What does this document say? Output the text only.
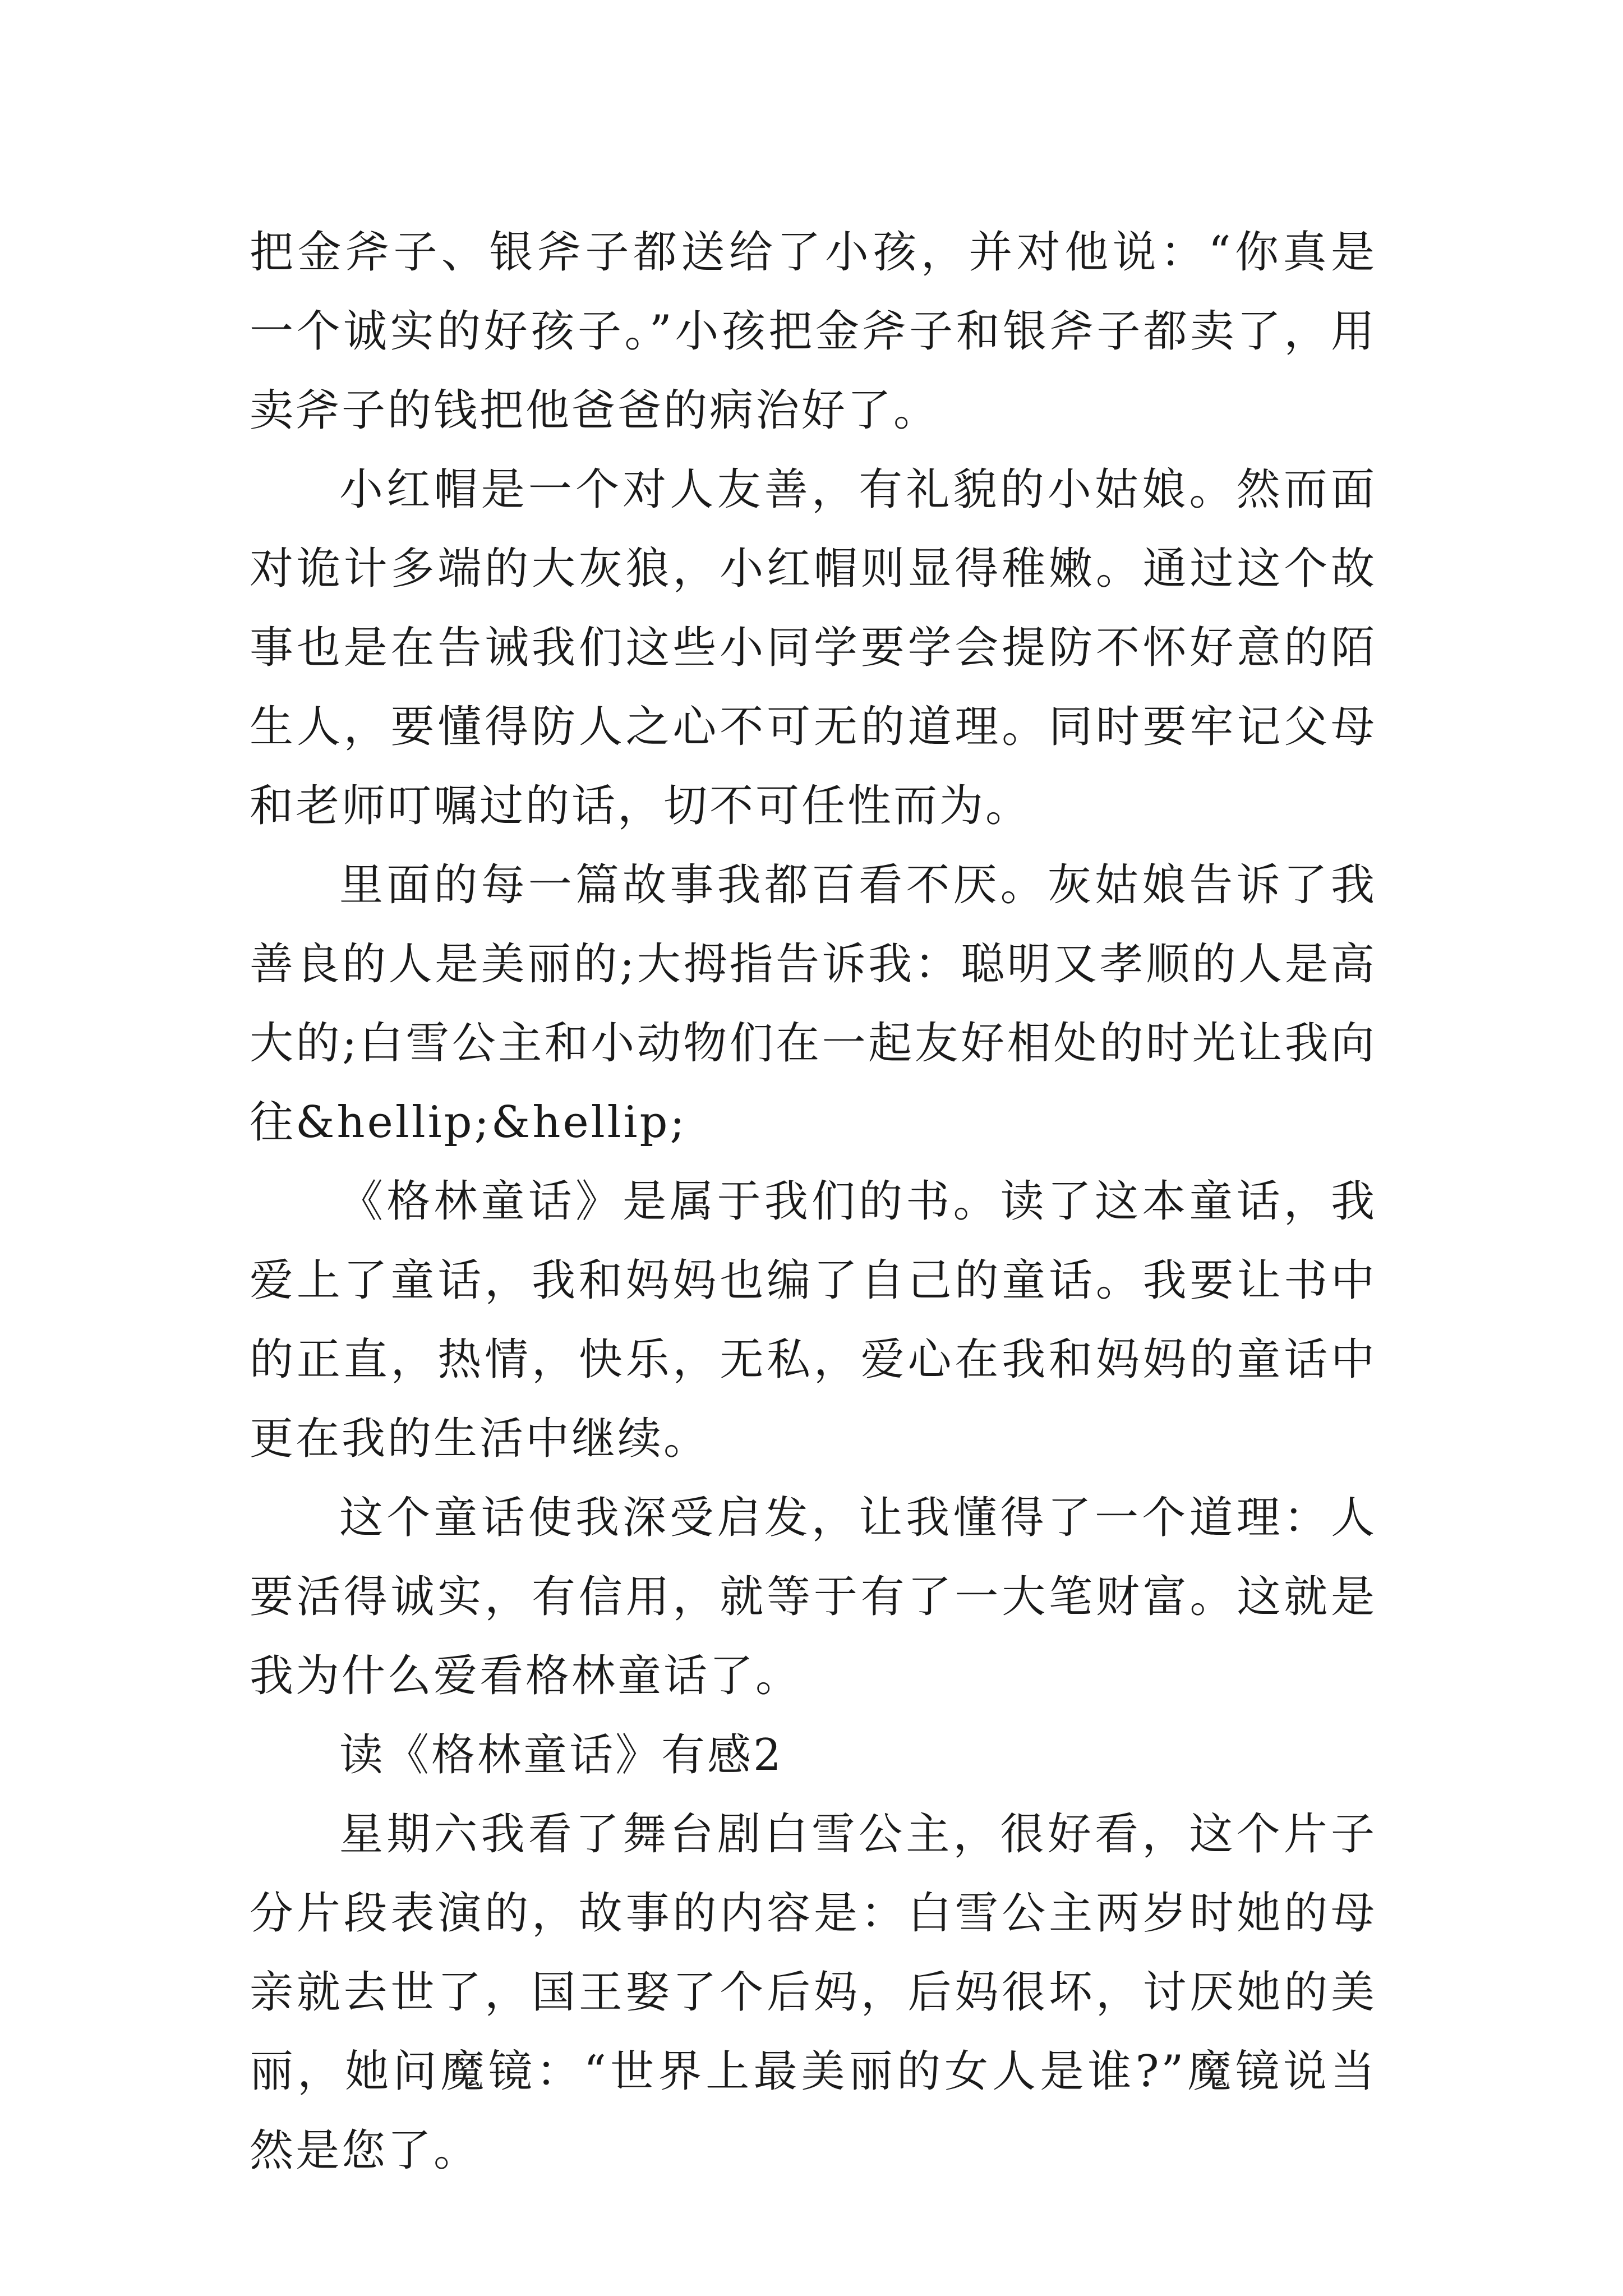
把金斧子、银斧子都送给了小孩，并对他说：“你真是一个诚实的好孩子。”小孩把金斧子和银斧子都卖了，用卖斧子的钱把他爸爸的病治好了。

小红帽是一个对人友善，有礼貌的小姑娘。然而面对诡计多端的大灰狼，小红帽则显得稚嫩。通过这个故事也是在告诫我们这些小同学要学会提防不怀好意的陌生人，要懂得防人之心不可无的道理。同时要牢记父母和老师叮嘱过的话，切不可任性而为。

里面的每一篇故事我都百看不厌。灰姑娘告诉了我善良的人是美丽的;大拇指告诉我：聪明又孝顺的人是高大的;白雪公主和小动物们在一起友好相处的时光让我向往&hellip;&hellip;

《格林童话》是属于我们的书。读了这本童话，我爱上了童话，我和妈妈也编了自己的童话。我要让书中的正直，热情，快乐，无私，爱心在我和妈妈的童话中更在我的生活中继续。

这个童话使我深受启发，让我懂得了一个道理：人要活得诚实，有信用，就等于有了一大笔财富。这就是我为什么爱看格林童话了。

读《格林童话》有感2

星期六我看了舞台剧白雪公主，很好看，这个片子分片段表演的，故事的内容是：白雪公主两岁时她的母亲就去世了，国王娶了个后妈，后妈很坏，讨厌她的美丽，她问魔镜：“世界上最美丽的女人是谁?”魔镜说当然是您了。
